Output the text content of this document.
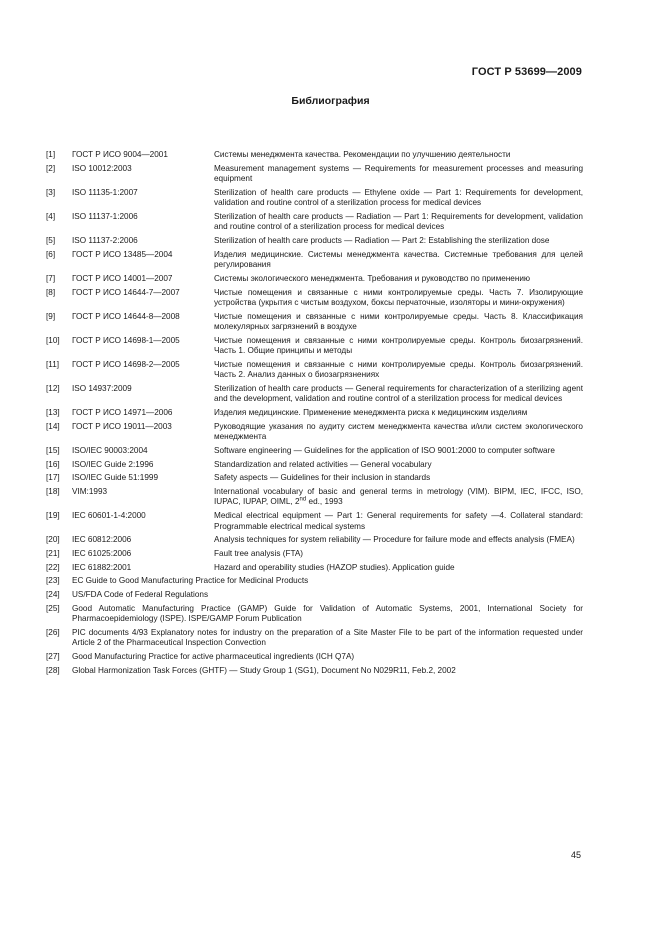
ГОСТ Р 53699—2009
Библиография
[1]	ГОСТ Р ИСО 9004—2001	Системы менеджмента качества. Рекомендации по улучшению деятельности
[2]	ISO 10012:2003	Measurement management systems — Requirements for measurement processes and measuring equipment
[3]	ISO 11135-1:2007	Sterilization of health care products — Ethylene oxide — Part 1: Requirements for development, validation and routine control of a sterilization process for medical devices
[4]	ISO 11137-1:2006	Sterilization of health care products — Radiation — Part 1: Requirements for development, validation and routine control of a sterilization process for medical devices
[5]	ISO 11137-2:2006	Sterilization of health care products — Radiation — Part 2: Establishing the sterilization dose
[6]	ГОСТ Р ИСО 13485—2004	Изделия медицинские. Системы менеджмента качества. Системные требования для целей регулирования
[7]	ГОСТ Р ИСО 14001—2007	Системы экологического менеджмента. Требования и руководство по применению
[8]	ГОСТ Р ИСО 14644-7—2007	Чистые помещения и связанные с ними контролируемые среды. Часть 7. Изолирующие устройства (укрытия с чистым воздухом, боксы перчаточные, изоляторы и мини-окружения)
[9]	ГОСТ Р ИСО 14644-8—2008	Чистые помещения и связанные с ними контролируемые среды. Часть 8. Классификация молекулярных загрязнений в воздухе
[10]	ГОСТ Р ИСО 14698-1—2005	Чистые помещения и связанные с ними контролируемые среды. Контроль биозагрязнений. Часть 1. Общие принципы и методы
[11]	ГОСТ Р ИСО 14698-2—2005	Чистые помещения и связанные с ними контролируемые среды. Контроль биозагрязнений. Часть 2. Анализ данных о биозагрязнениях
[12]	ISO 14937:2009	Sterilization of health care products — General requirements for characterization of a sterilizing agent and the development, validation and routine control of a sterilization process for medical devices
[13]	ГОСТ Р ИСО 14971—2006	Изделия медицинские. Применение менеджмента риска к медицинским изделиям
[14]	ГОСТ Р ИСО 19011—2003	Руководящие указания по аудиту систем менеджмента качества и/или систем экологического менеджмента
[15]	ISO/IEC 90003:2004	Software engineering — Guidelines for the application of ISO 9001:2000 to computer software
[16]	ISO/IEC Guide 2:1996	Standardization and related activities — General vocabulary
[17]	ISO/IEC Guide 51:1999	Safety aspects — Guidelines for their inclusion in standards
[18]	VIM:1993	International vocabulary of basic and general terms in metrology (VIM). BIPM, IEC, IFCC, ISO, IUPAC, IUPAP, OIML, 2nd ed., 1993
[19]	IEC 60601-1-4:2000	Medical electrical equipment — Part 1: General requirements for safety —4. Collateral standard: Programmable electrical medical systems
[20]	IEC 60812:2006	Analysis techniques for system reliability — Procedure for failure mode and effects analysis (FMEA)
[21]	IEC 61025:2006	Fault tree analysis (FTA)
[22]	IEC 61882:2001	Hazard and operability studies (HAZOP studies). Application guide
[23]	EC Guide to Good Manufacturing Practice for Medicinal Products
[24]	US/FDA Code of Federal Regulations
[25]	Good Automatic Manufacturing Practice (GAMP) Guide for Validation of Automatic Systems, 2001, International Society for Pharmacoepidemiology (ISPE). ISPE/GAMP Forum Publication
[26]	PIC documents 4/93 Explanatory notes for industry on the preparation of a Site Master File to be part of the information requested under Article 2 of the Pharmaceutical Inspection Convection
[27]	Good Manufacturing Practice for active pharmaceutical ingredients (ICH Q7A)
[28]	Global Harmonization Task Forces (GHTF) — Study Group 1 (SG1), Document No N029R11, Feb.2, 2002
45
